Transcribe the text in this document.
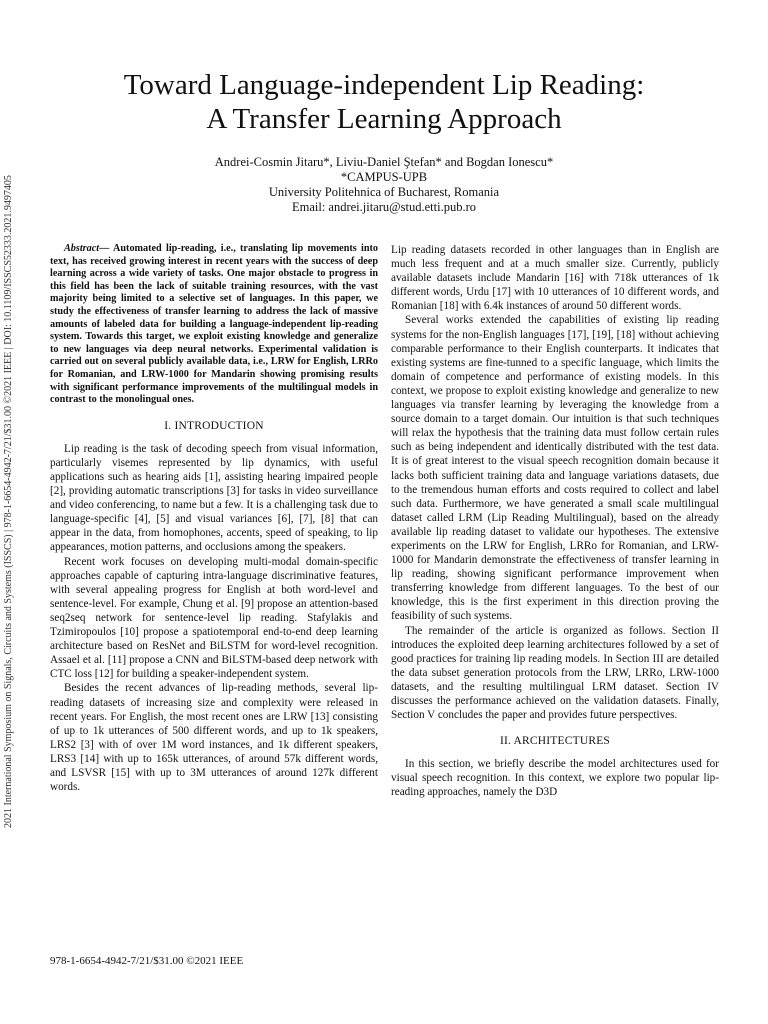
Toward Language-independent Lip Reading:
A Transfer Learning Approach
Andrei-Cosmin Jitaru*, Liviu-Daniel Ştefan* and Bogdan Ionescu*
*CAMPUS-UPB
University Politehnica of Bucharest, Romania
Email: andrei.jitaru@stud.etti.pub.ro
2021 International Symposium on Signals, Circuits and Systems (ISSCS) | 978-1-6654-4942-7/21/$31.00 ©2021 IEEE | DOI: 10.1109/ISSCS52333.2021.9497405	Abstract— Automated lip-reading, i.e., translating lip movements into text, has received growing interest in recent years with the success of deep learning across a wide variety of tasks. One major obstacle to progress in this field has been the lack of suitable training resources, with the vast majority being limited to a selective set of languages. In this paper, we study the effectiveness of transfer learning to address the lack of massive amounts of labeled data for building a language-independent lip-reading system. Towards this target, we exploit existing knowledge and generalize to new languages via deep neural networks. Experimental validation is carried out on several publicly available data, i.e., LRW for English, LRRo for Romanian, and LRW-1000 for Mandarin showing promising results with significant performance improvements of the multilingual models in contrast to the monolingual ones.

I. INTRODUCTION

Lip reading is the task of decoding speech from visual information, particularly visemes represented by lip dynamics, with useful applications such as hearing aids [1], assisting hearing impaired people [2], providing automatic transcriptions [3] for tasks in video surveillance and video conferencing, to name but a few. It is a challenging task due to language-specific [4], [5] and visual variances [6], [7], [8] that can appear in the data, from homophones, accents, speed of speaking, to lip appearances, motion patterns, and occlusions among the speakers.

Recent work focuses on developing multi-modal domain-specific approaches capable of capturing intra-language discriminative features, with several appealing progress for English at both word-level and sentence-level. For example, Chung et al. [9] propose an attention-based seq2seq network for sentence-level lip reading. Stafylakis and Tzimiropoulos [10] propose a spatiotemporal end-to-end deep learning architecture based on ResNet and BiLSTM for word-level recognition. Assael et al. [11] propose a CNN and BiLSTM-based deep network with CTC loss [12] for building a speaker-independent system.

Besides the recent advances of lip-reading methods, several lip-reading datasets of increasing size and complexity were released in recent years. For English, the most recent ones are LRW [13] consisting of up to 1k utterances of 500 different words, and up to 1k speakers, LRS2 [3] with of over 1M word instances, and 1k different speakers, LRS3 [14] with up to 165k utterances, of around 57k different words, and LSVSR [15] with up to 3M utterances of around 127k different words.

Lip reading datasets recorded in other languages than in English are much less frequent and at a much smaller size. Currently, publicly available datasets include Mandarin [16] with 718k utterances of 1k different words, Urdu [17] with 10 utterances of 10 different words, and Romanian [18] with 6.4k instances of around 50 different words.

Several works extended the capabilities of existing lip reading systems for the non-English languages [17], [19], [18] without achieving comparable performance to their English counterparts. It indicates that existing systems are fine-tunned to a specific language, which limits the domain of competence and performance of existing models. In this context, we propose to exploit existing knowledge and generalize to new languages via transfer learning by leveraging the knowledge from a source domain to a target domain. Our intuition is that such techniques will relax the hypothesis that the training data must follow certain rules such as being independent and identically distributed with the test data. It is of great interest to the visual speech recognition domain because it lacks both sufficient training data and language variations datasets, due to the tremendous human efforts and costs required to collect and label such data. Furthermore, we have generated a small scale multilingual dataset called LRM (Lip Reading Multilingual), based on the already available lip reading dataset to validate our hypotheses. The extensive experiments on the LRW for English, LRRo for Romanian, and LRW-1000 for Mandarin demonstrate the effectiveness of transfer learning in lip reading, showing significant performance improvement when transferring knowledge from different languages. To the best of our knowledge, this is the first experiment in this direction proving the feasibility of such systems.

The remainder of the article is organized as follows. Section II introduces the exploited deep learning architectures followed by a set of good practices for training lip reading models. In Section III are detailed the data subset generation protocols from the LRW, LRRo, LRW-1000 datasets, and the resulting multilingual LRM dataset. Section IV discusses the performance achieved on the validation datasets. Finally, Section V concludes the paper and provides future perspectives.

II. ARCHITECTURES

In this section, we briefly describe the model architectures used for visual speech recognition. In this context, we explore two popular lip-reading approaches, namely the D3D

978-1-6654-4942-7/21/$31.00 ©2021 IEEE
